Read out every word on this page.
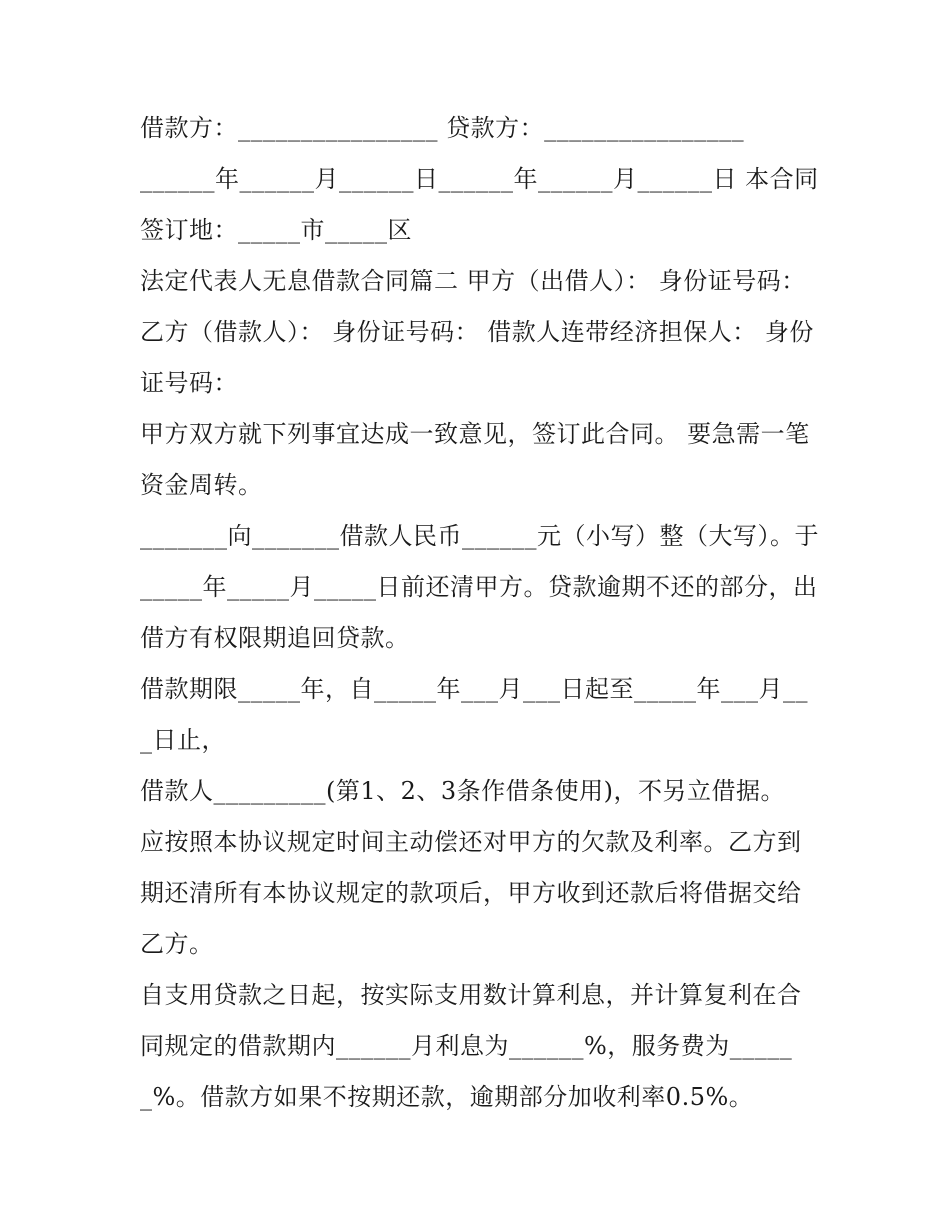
借款方：________________ 贷款方：________________

______年______月______日______年______月______日 本合同签订地：_____市_____区

法定代表人无息借款合同篇二 甲方（出借人）： 身份证号码： 乙方（借款人）： 身份证号码： 借款人连带经济担保人： 身份证号码：

甲方双方就下列事宜达成一致意见，签订此合同。 要急需一笔资金周转。

_______向_______借款人民币______元（小写）整（大写）。于_____年_____月_____日前还清甲方。贷款逾期不还的部分，出借方有权限期追回贷款。

借款期限_____年，自_____年___月___日起至_____年___月___日止，

借款人_________(第1、2、3条作借条使用)，不另立借据。

应按照本协议规定时间主动偿还对甲方的欠款及利率。乙方到期还清所有本协议规定的款项后，甲方收到还款后将借据交给乙方。

自支用贷款之日起，按实际支用数计算利息，并计算复利在合同规定的借款期内______月利息为______%，服务费为______%。借款方如果不按期还款，逾期部分加收利率0.5%。
